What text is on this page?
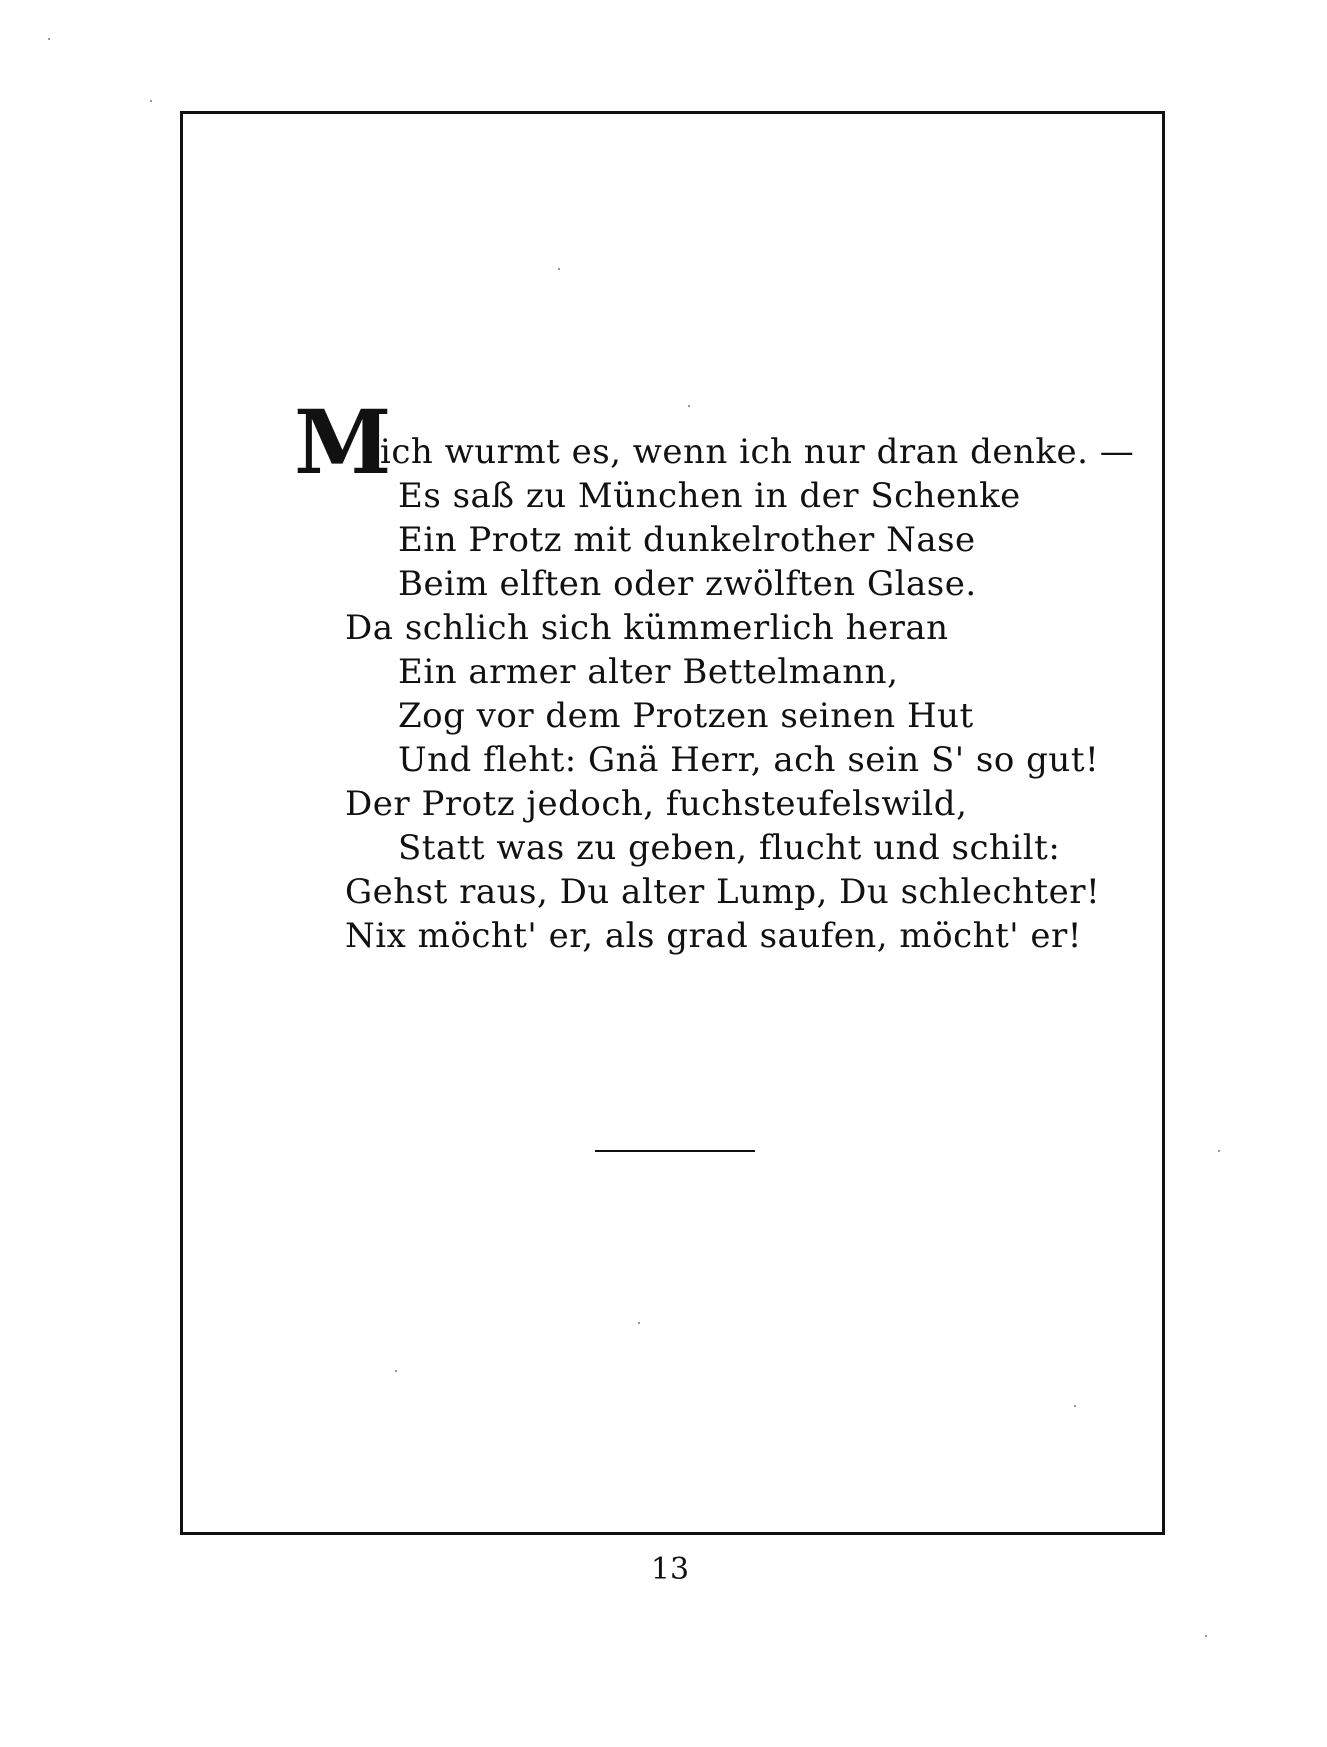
M
ich wurmt es, wenn ich nur dran denke. —
Es saß zu München in der Schenke
Ein Protz mit dunkelrother Nase
Beim elften oder zwölften Glase.
Da schlich sich kümmerlich heran
Ein armer alter Bettelmann,
Zog vor dem Protzen seinen Hut
Und fleht: Gnä Herr, ach sein S' so gut!
Der Protz jedoch, fuchsteufelswild,
Statt was zu geben, flucht und schilt:
Gehst raus, Du alter Lump, Du schlechter!
Nix möcht' er, als grad saufen, möcht' er!
13
